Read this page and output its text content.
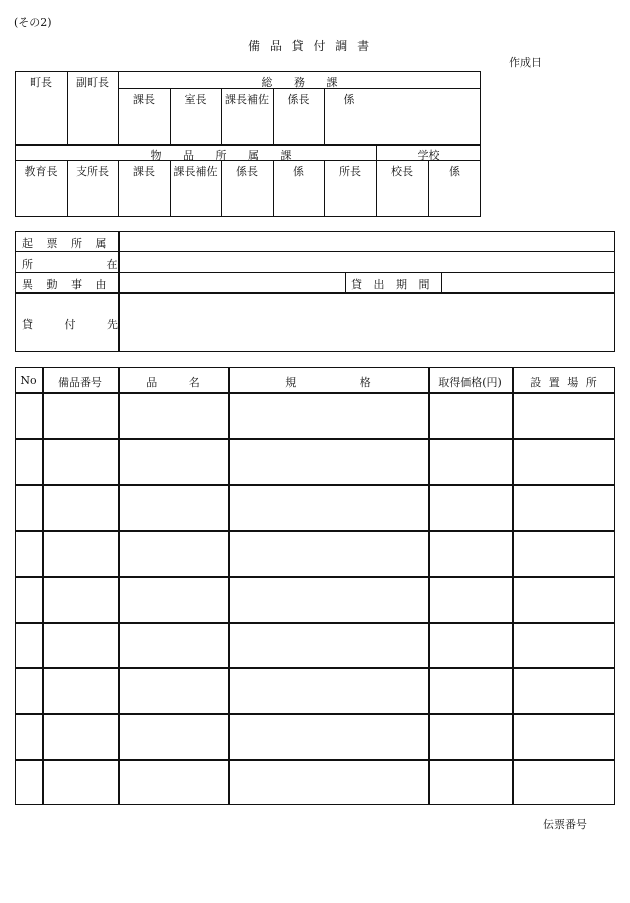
(その2)
備 品 貸 付 調 書
作成日
町長	副町長	総 務 課
課長	室長	課長補佐	係長	係
物 品 所 属 課	学校
教育長	支所長	課長	課長補佐	係長	係	所長	校長	係
起 票 所 属
所 在
異 動 事 由	貸 出 期 間
貸 付 先
No	備品番号	品 名	規 格	取得価格(円)	設 置 場 所
伝票番号
